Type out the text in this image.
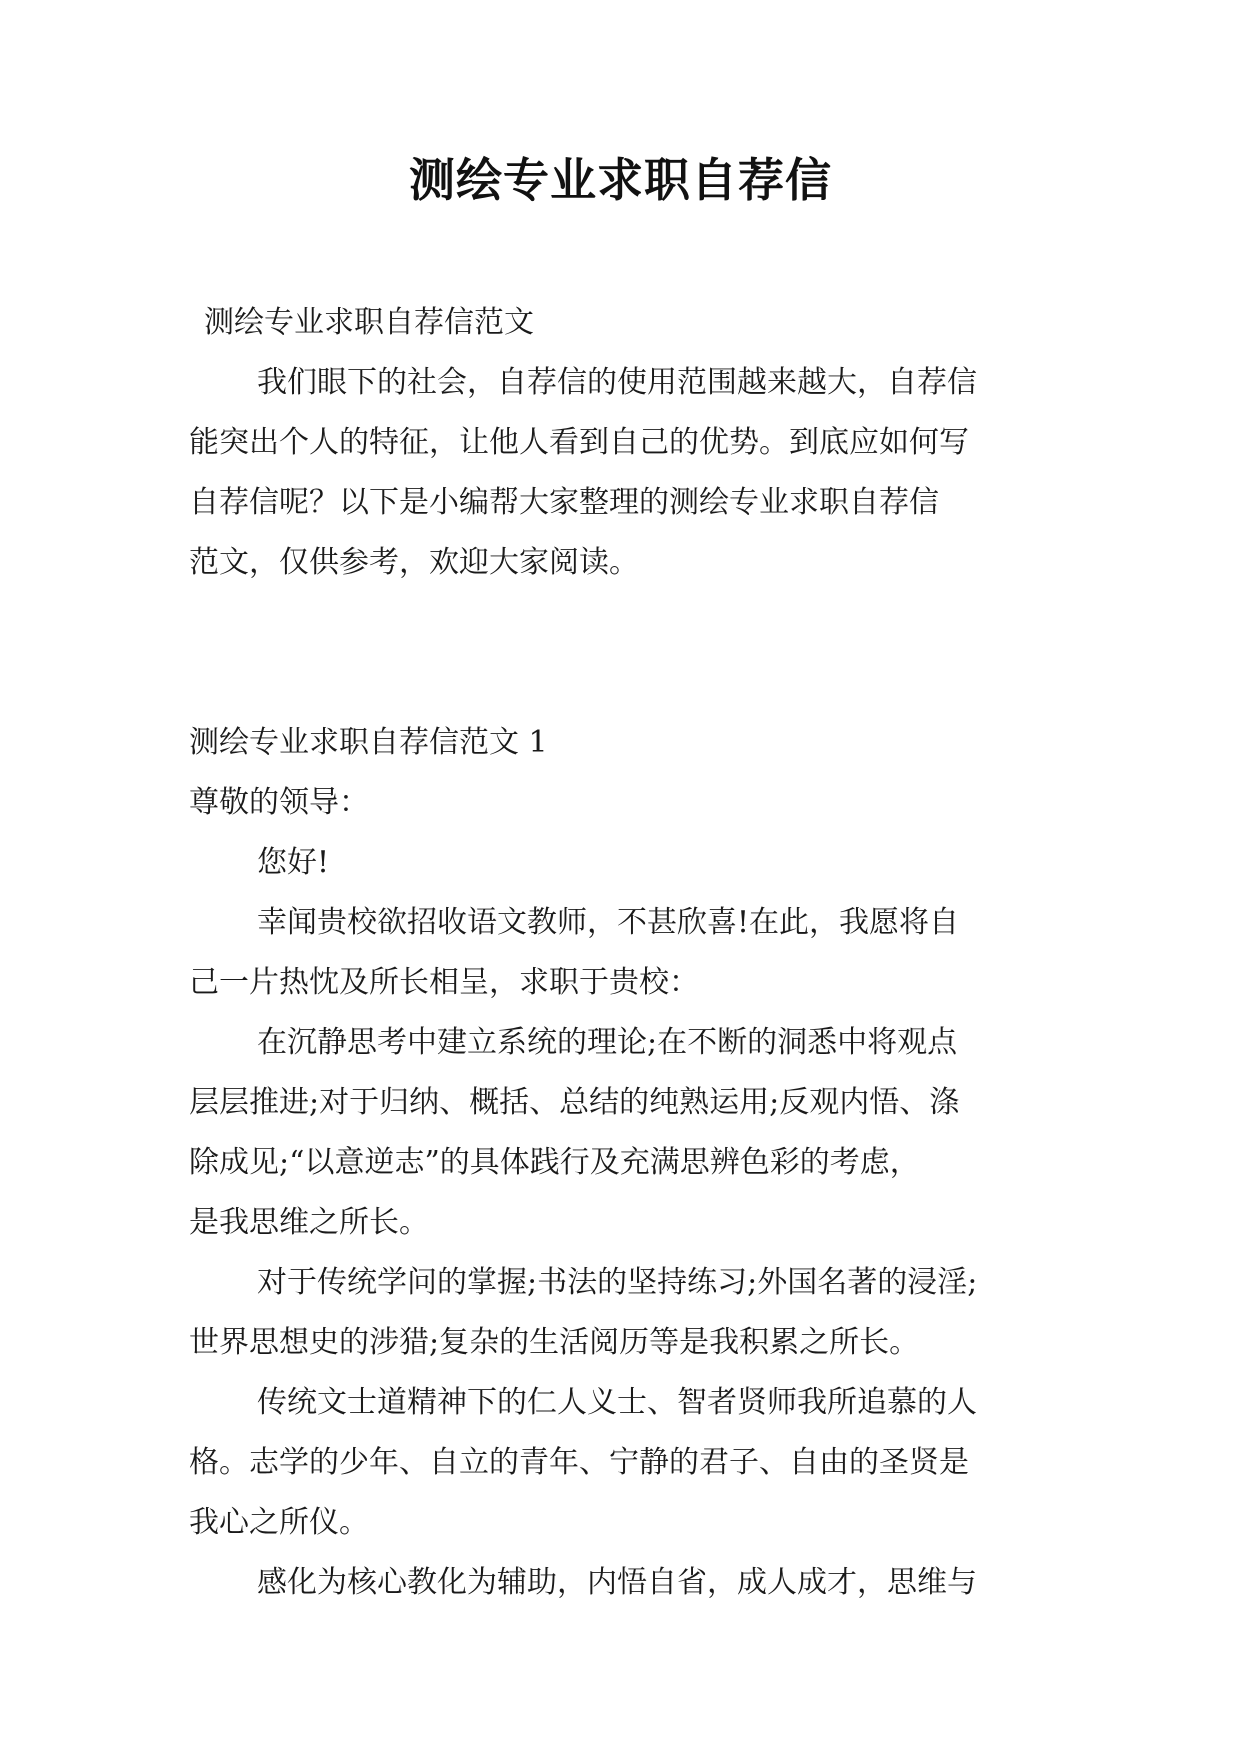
测绘专业求职自荐信

测绘专业求职自荐信范文

我们眼下的社会，自荐信的使用范围越来越大，自荐信

能突出个人的特征，让他人看到自己的优势。到底应如何写

自荐信呢？以下是小编帮大家整理的测绘专业求职自荐信

范文，仅供参考，欢迎大家阅读。

测绘专业求职自荐信范文 1

尊敬的领导：

您好!

幸闻贵校欲招收语文教师，不甚欣喜!在此，我愿将自

己一片热忱及所长相呈，求职于贵校：

在沉静思考中建立系统的理论;在不断的洞悉中将观点

层层推进;对于归纳、概括、总结的纯熟运用;反观内悟、涤

除成见;“以意逆志”的具体践行及充满思辨色彩的考虑，

是我思维之所长。

对于传统学问的掌握;书法的坚持练习;外国名著的浸淫;

世界思想史的涉猎;复杂的生活阅历等是我积累之所长。

传统文士道精神下的仁人义士、智者贤师我所追慕的人

格。志学的少年、自立的青年、宁静的君子、自由的圣贤是

我心之所仪。

感化为核心教化为辅助，内悟自省，成人成才，思维与
